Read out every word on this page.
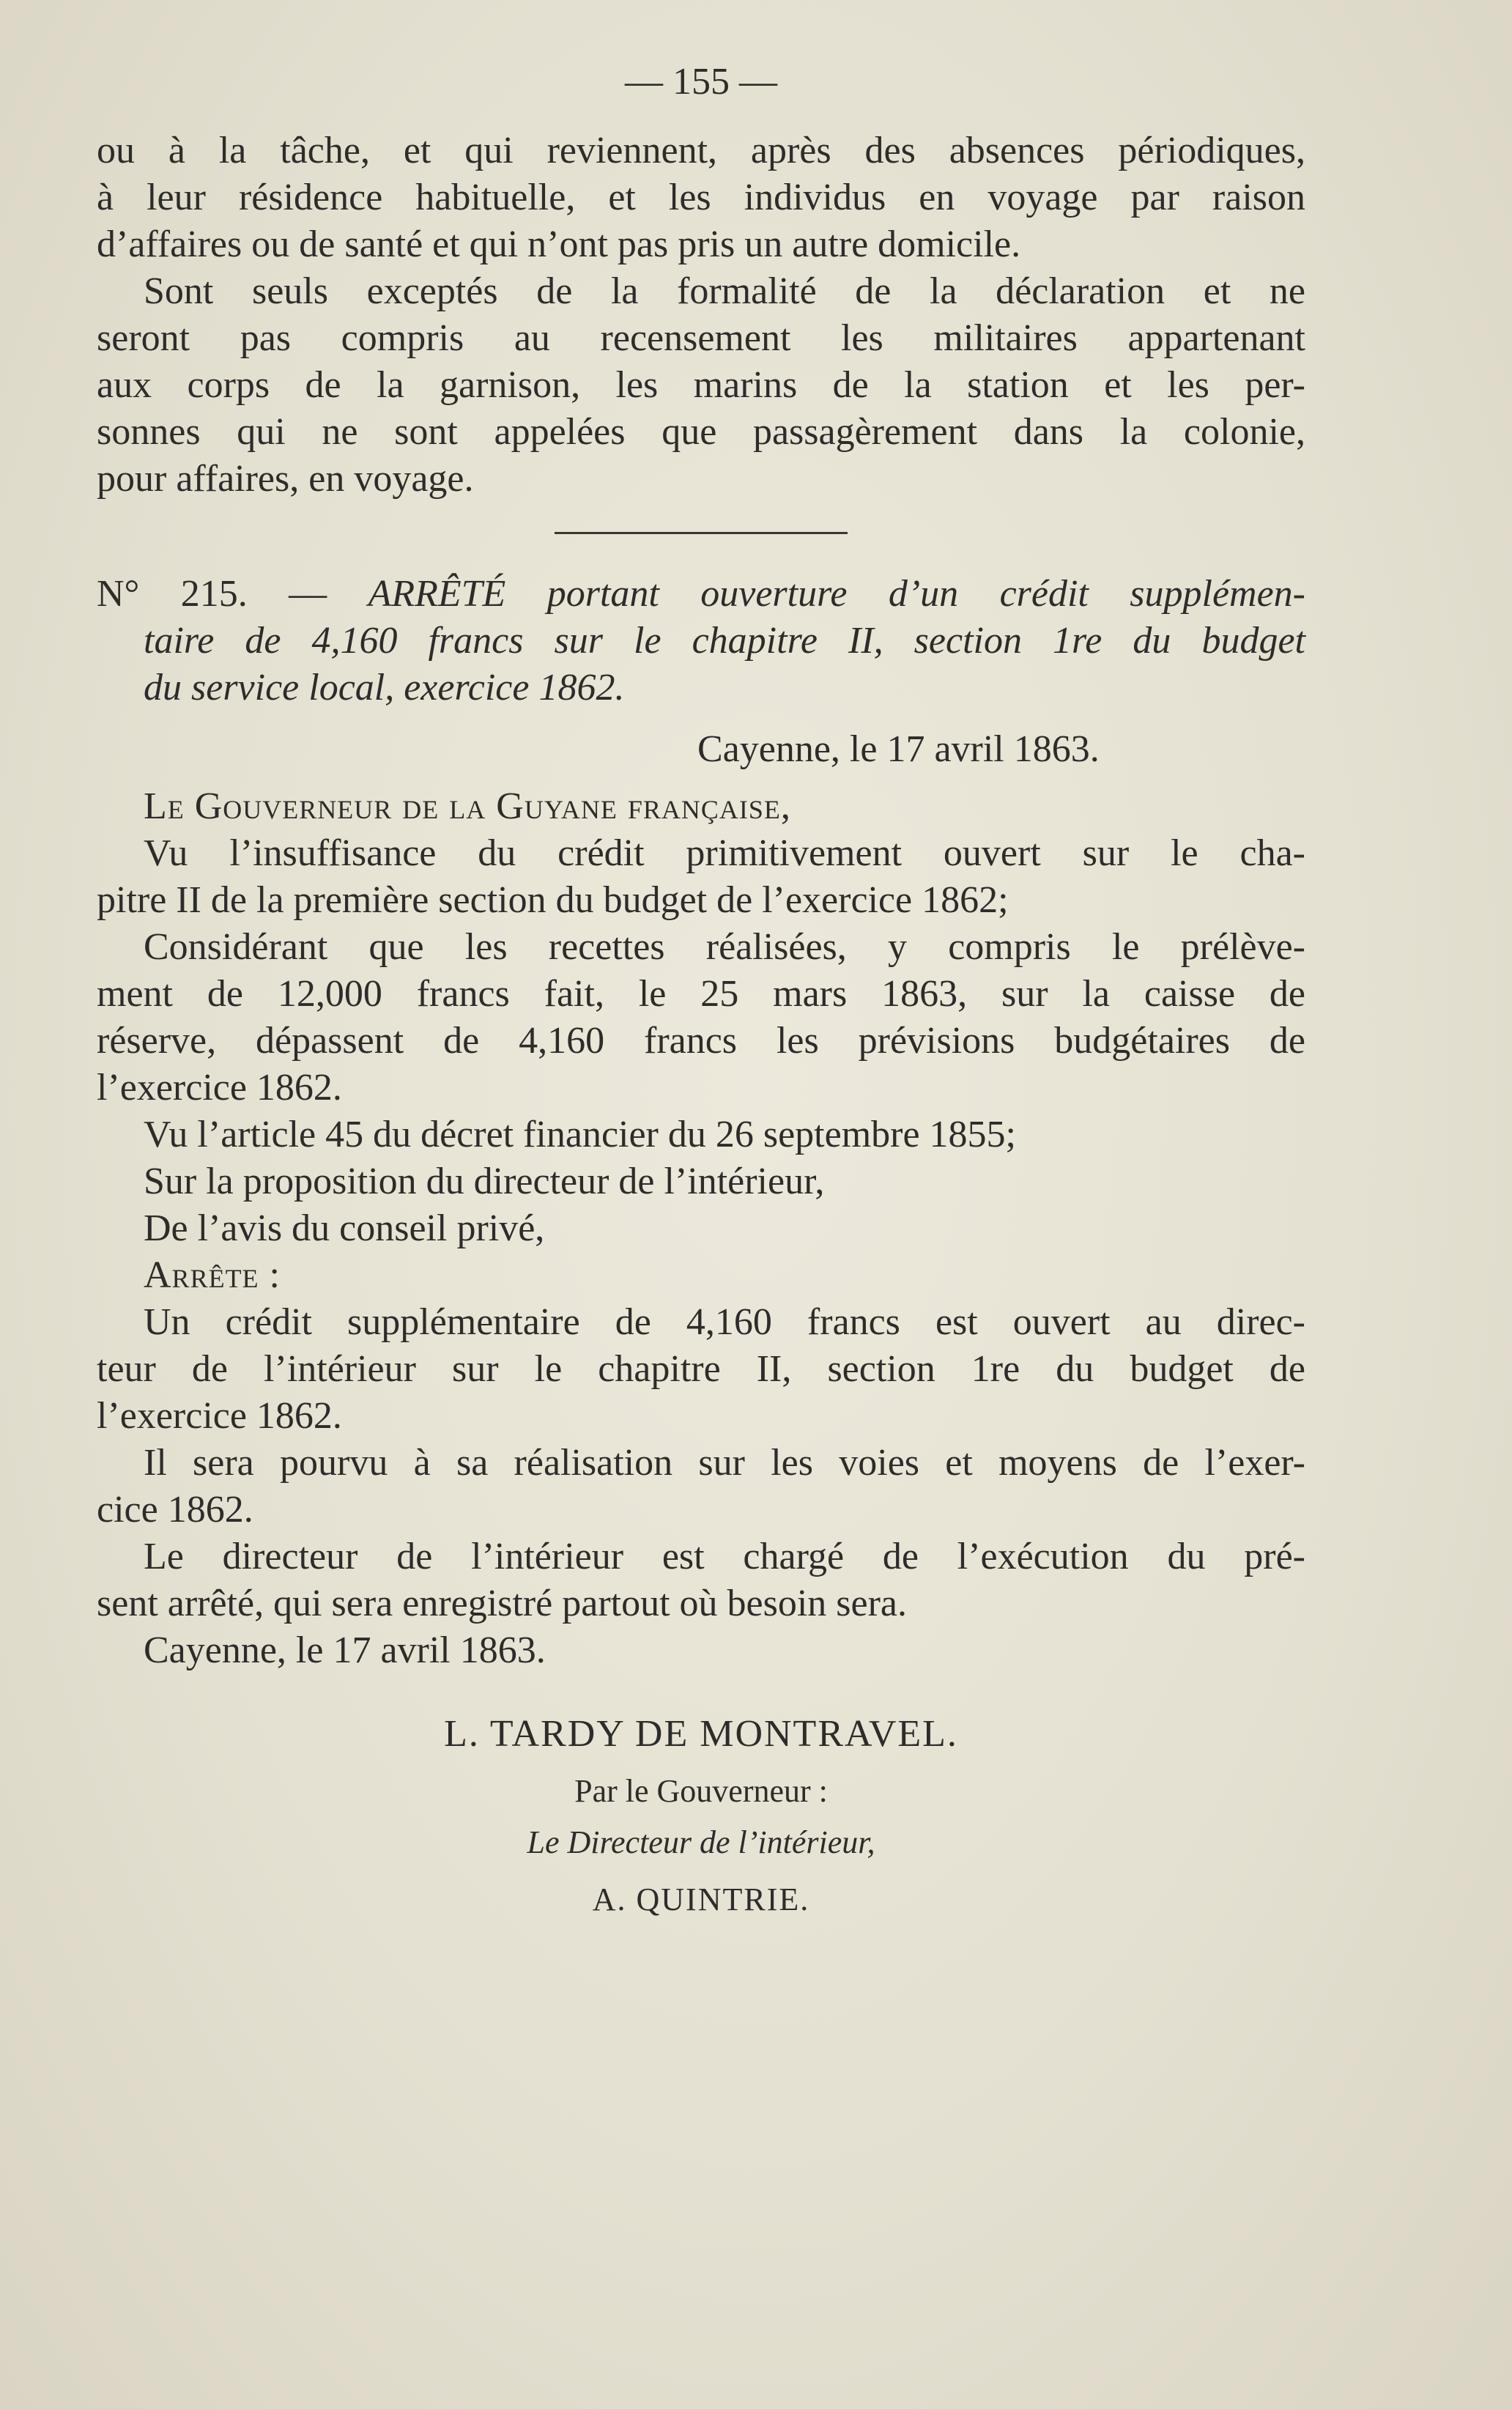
— 155 —
ou à la tâche, et qui reviennent, après des absences périodiques,
à leur résidence habituelle, et les individus en voyage par raison
d’affaires ou de santé et qui n’ont pas pris un autre domicile.
Sont seuls exceptés de la formalité de la déclaration et ne
seront pas compris au recensement les militaires appartenant
aux corps de la garnison, les marins de la station et les per-
sonnes qui ne sont appelées que passagèrement dans la colonie,
pour affaires, en voyage.
N° 215. — ARRÊTÉ portant ouverture d’un crédit supplémen-
taire de 4,160 francs sur le chapitre II, section 1re du budget
du service local, exercice 1862.
Cayenne, le 17 avril 1863.
Le Gouverneur de la Guyane française,
Vu l’insuffisance du crédit primitivement ouvert sur le cha-
pitre II de la première section du budget de l’exercice 1862;
Considérant que les recettes réalisées, y compris le prélève-
ment de 12,000 francs fait, le 25 mars 1863, sur la caisse de
réserve, dépassent de 4,160 francs les prévisions budgétaires de
l’exercice 1862.
Vu l’article 45 du décret financier du 26 septembre 1855;
Sur la proposition du directeur de l’intérieur,
De l’avis du conseil privé,
Arrête :
Un crédit supplémentaire de 4,160 francs est ouvert au direc-
teur de l’intérieur sur le chapitre II, section 1re du budget de
l’exercice 1862.
Il sera pourvu à sa réalisation sur les voies et moyens de l’exer-
cice 1862.
Le directeur de l’intérieur est chargé de l’exécution du pré-
sent arrêté, qui sera enregistré partout où besoin sera.
Cayenne, le 17 avril 1863.
L. TARDY DE MONTRAVEL.
Par le Gouverneur :
Le Directeur de l’intérieur,
A. QUINTRIE.
